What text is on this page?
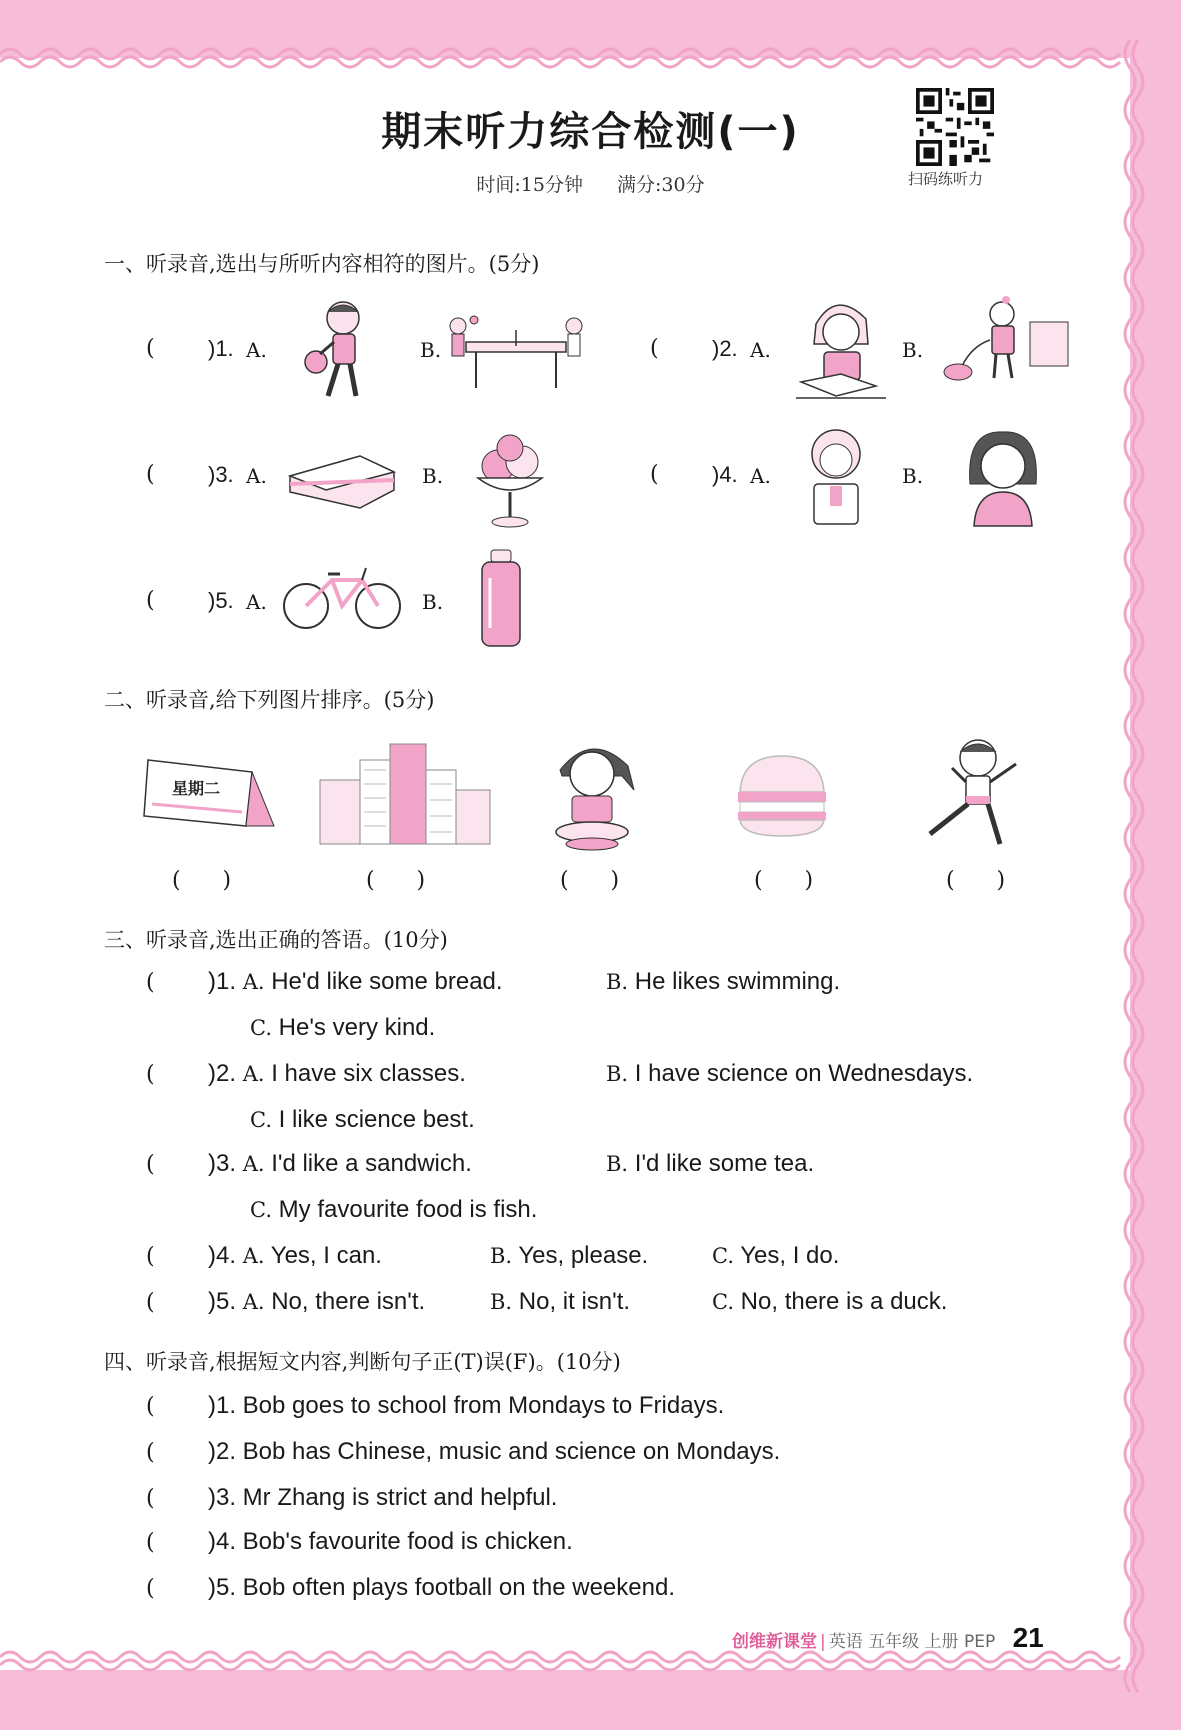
期末听力综合检测(一)
时间:15分钟 满分:30分	扫码练听力
一、听录音,选出与所听内容相符的图片。(5分)
( )1. A.	B.	( )2. A.	B.
( )3. A.	B.	( )4. A.	B.
( )5. A.	B.
二、听录音,给下列图片排序。(5分)
星期二
(      )	(      )	(      )	(      )	(      )
三、听录音,选出正确的答语。(10分)
( )1. A. He'd like some bread.	B. He likes swimming.
C. He's very kind.
( )2. A. I have six classes.	B. I have science on Wednesdays.
C. I like science best.
( )3. A. I'd like a sandwich.	B. I'd like some tea.
C. My favourite food is fish.
( )4. A. Yes, I can.	B. Yes, please.	C. Yes, I do.
( )5. A. No, there isn't.	B. No, it isn't.	C. No, there is a duck.
四、听录音,根据短文内容,判断句子正(T)误(F)。(10分)
( )1. Bob goes to school from Mondays to Fridays.
( )2. Bob has Chinese, music and science on Mondays.
( )3. Mr Zhang is strict and helpful.
( )4. Bob's favourite food is chicken.
( )5. Bob often plays football on the weekend.
创维新课堂 | 英语 五年级 上册 PEP 21
